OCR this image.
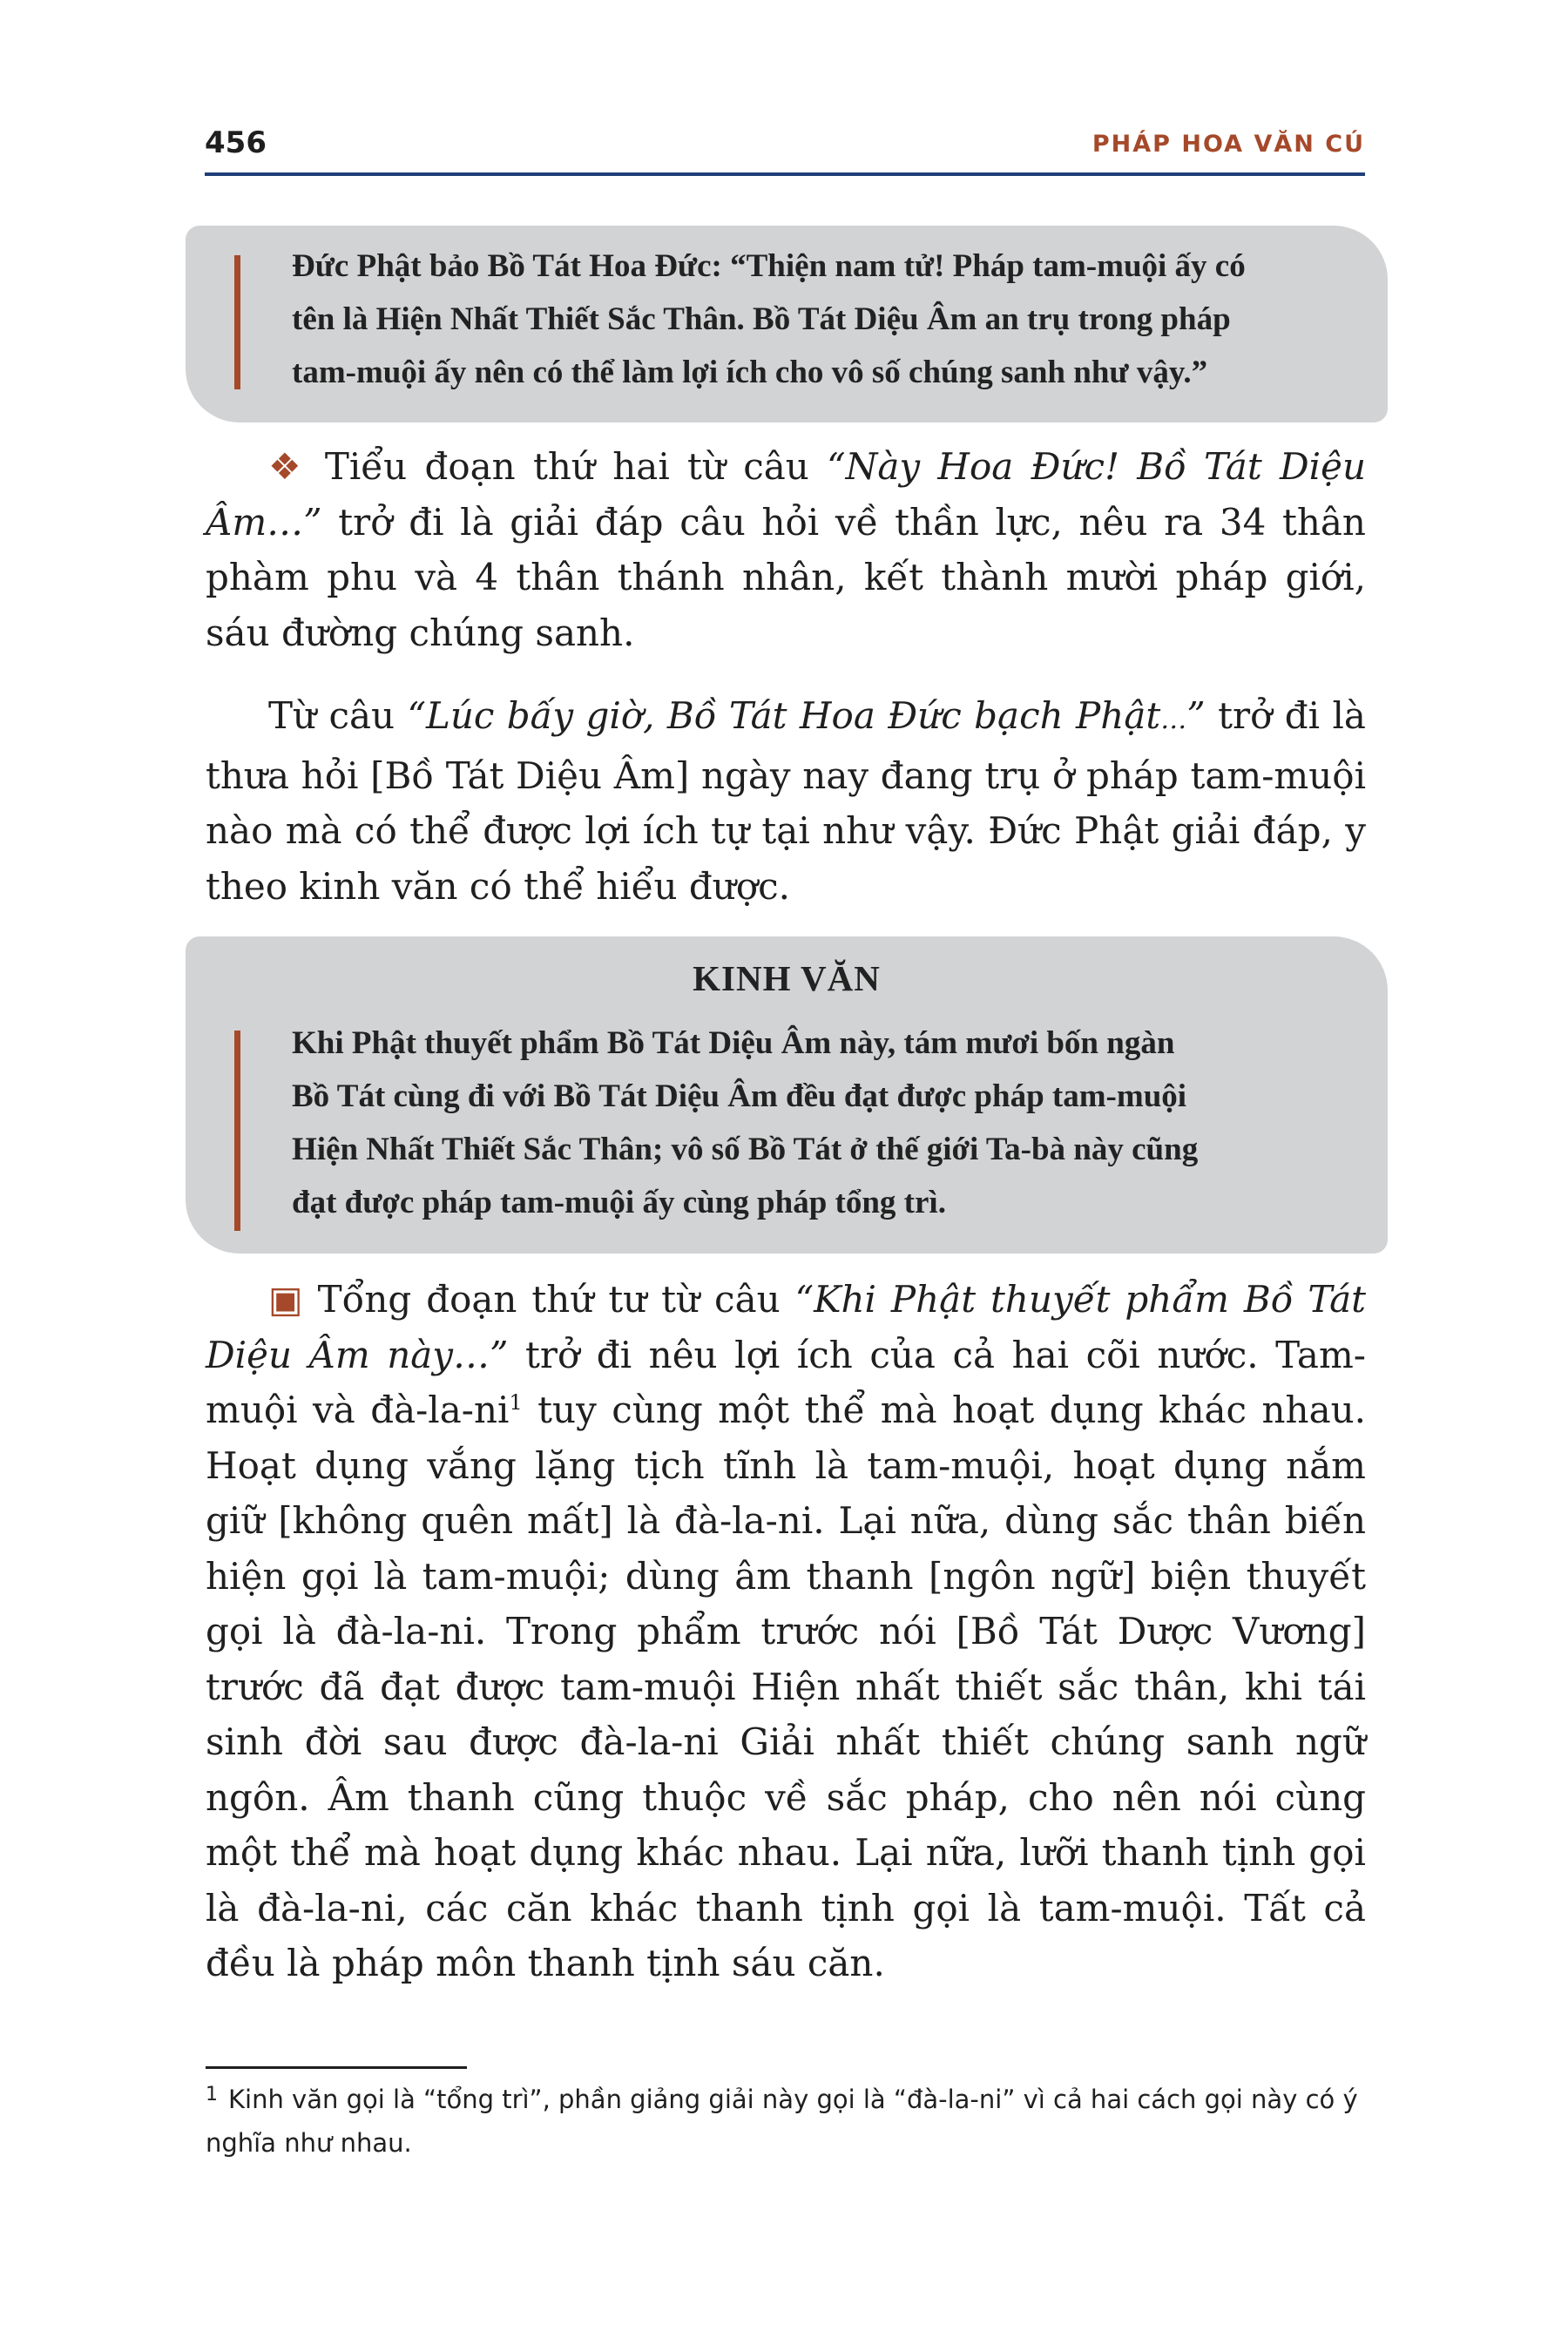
456	PHÁP HOA VĂN CÚ
Đức Phật bảo Bồ Tát Hoa Đức: “Thiện nam tử! Pháp tam-muội ấy có
tên là Hiện Nhất Thiết Sắc Thân. Bồ Tát Diệu Âm an trụ trong pháp
tam-muội ấy nên có thể làm lợi ích cho vô số chúng sanh như vậy.”

❖ Tiểu đoạn thứ hai từ câu “Này Hoa Đức! Bồ Tát Diệu Âm…” trở đi là giải đáp câu hỏi về thần lực, nêu ra 34 thân phàm phu và 4 thân thánh nhân, kết thành mười pháp giới, sáu đường chúng sanh.

Từ câu “Lúc bấy giờ, Bồ Tát Hoa Đức bạch Phật…” trở đi là thưa hỏi [Bồ Tát Diệu Âm] ngày nay đang trụ ở pháp tam-muội nào mà có thể được lợi ích tự tại như vậy. Đức Phật giải đáp, y theo kinh văn có thể hiểu được.

KINH VĂN
Khi Phật thuyết phẩm Bồ Tát Diệu Âm này, tám mươi bốn ngàn
Bồ Tát cùng đi với Bồ Tát Diệu Âm đều đạt được pháp tam-muội
Hiện Nhất Thiết Sắc Thân; vô số Bồ Tát ở thế giới Ta-bà này cũng
đạt được pháp tam-muội ấy cùng pháp tổng trì.

▣ Tổng đoạn thứ tư từ câu “Khi Phật thuyết phẩm Bồ Tát Diệu Âm này…” trở đi nêu lợi ích của cả hai cõi nước. Tam-muội và đà-la-ni$^1$ tuy cùng một thể mà hoạt dụng khác nhau. Hoạt dụng vắng lặng tịch tĩnh là tam-muội, hoạt dụng nắm giữ [không quên mất] là đà-la-ni. Lại nữa, dùng sắc thân biến hiện gọi là tam-muội; dùng âm thanh [ngôn ngữ] biện thuyết gọi là đà-la-ni. Trong phẩm trước nói [Bồ Tát Dược Vương] trước đã đạt được tam-muội Hiện nhất thiết sắc thân, khi tái sinh đời sau được đà-la-ni Giải nhất thiết chúng sanh ngữ ngôn. Âm thanh cũng thuộc về sắc pháp, cho nên nói cùng một thể mà hoạt dụng khác nhau. Lại nữa, lưỡi thanh tịnh gọi là đà-la-ni, các căn khác thanh tịnh gọi là tam-muội. Tất cả đều là pháp môn thanh tịnh sáu căn.

1 Kinh văn gọi là “tổng trì”, phần giảng giải này gọi là “đà-la-ni” vì cả hai cách gọi này có ý nghĩa như nhau.
